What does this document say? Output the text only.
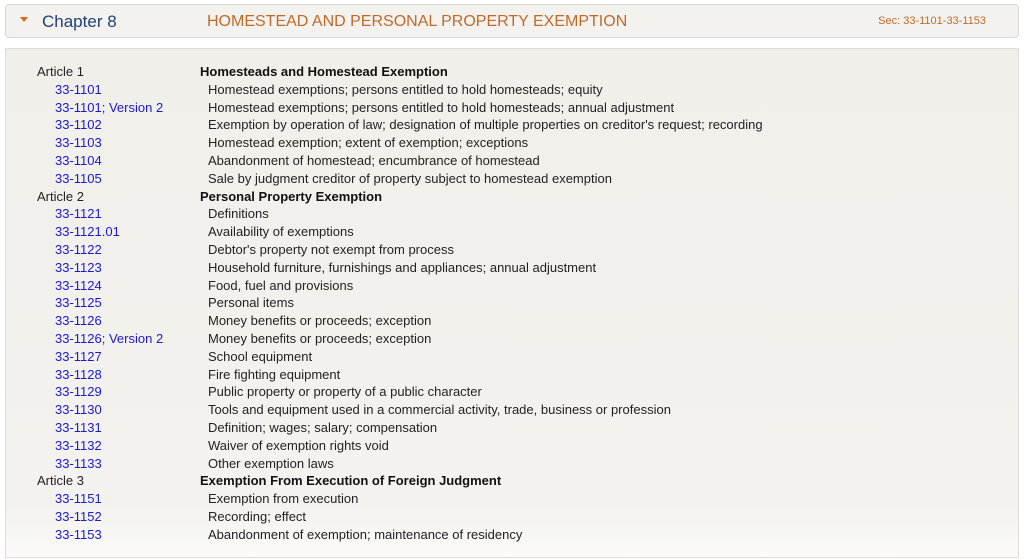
Chapter 8	HOMESTEAD AND PERSONAL PROPERTY EXEMPTION	Sec: 33-1101-33-1153
Article 1	Homesteads and Homestead Exemption
33-1101	Homestead exemptions; persons entitled to hold homesteads; equity
33-1101; Version 2	Homestead exemptions; persons entitled to hold homesteads; annual adjustment
33-1102	Exemption by operation of law; designation of multiple properties on creditor's request; recording
33-1103	Homestead exemption; extent of exemption; exceptions
33-1104	Abandonment of homestead; encumbrance of homestead
33-1105	Sale by judgment creditor of property subject to homestead exemption
Article 2	Personal Property Exemption
33-1121	Definitions
33-1121.01	Availability of exemptions
33-1122	Debtor's property not exempt from process
33-1123	Household furniture, furnishings and appliances; annual adjustment
33-1124	Food, fuel and provisions
33-1125	Personal items
33-1126	Money benefits or proceeds; exception
33-1126; Version 2	Money benefits or proceeds; exception
33-1127	School equipment
33-1128	Fire fighting equipment
33-1129	Public property or property of a public character
33-1130	Tools and equipment used in a commercial activity, trade, business or profession
33-1131	Definition; wages; salary; compensation
33-1132	Waiver of exemption rights void
33-1133	Other exemption laws
Article 3	Exemption From Execution of Foreign Judgment
33-1151	Exemption from execution
33-1152	Recording; effect
33-1153	Abandonment of exemption; maintenance of residency
